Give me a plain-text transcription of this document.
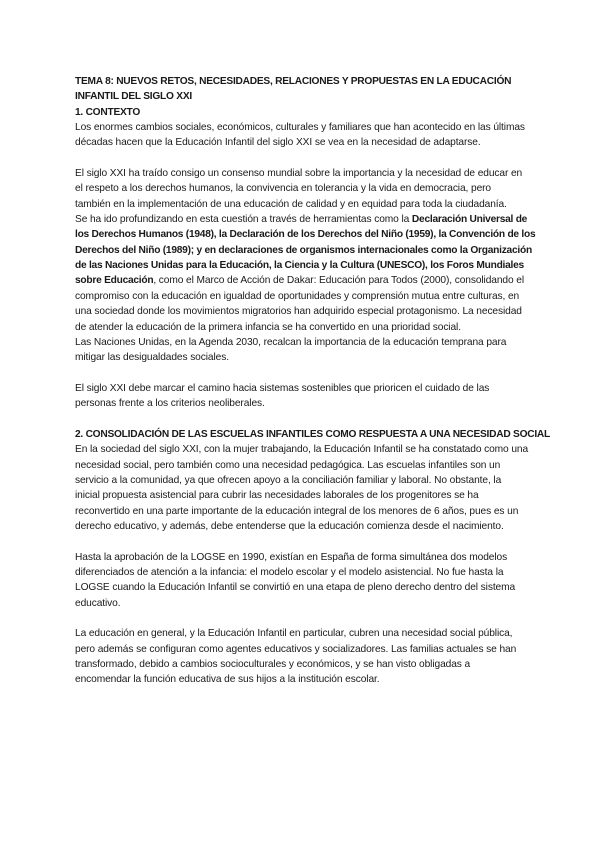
TEMA 8: NUEVOS RETOS, NECESIDADES, RELACIONES Y PROPUESTAS EN LA EDUCACIÓN
INFANTIL DEL SIGLO XXI
1. CONTEXTO
Los enormes cambios sociales, económicos, culturales y familiares que han acontecido en las últimas
décadas hacen que la Educación Infantil del siglo XXI se vea en la necesidad de adaptarse.
El siglo XXI ha traído consigo un consenso mundial sobre la importancia y la necesidad de educar en
el respeto a los derechos humanos, la convivencia en tolerancia y la vida en democracia, pero
también en la implementación de una educación de calidad y en equidad para toda la ciudadanía.
Se ha ido profundizando en esta cuestión a través de herramientas como la Declaración Universal de
los Derechos Humanos (1948), la Declaración de los Derechos del Niño (1959), la Convención de los
Derechos del Niño (1989); y en declaraciones de organismos internacionales como la Organización
de las Naciones Unidas para la Educación, la Ciencia y la Cultura (UNESCO), los Foros Mundiales
sobre Educación, como el Marco de Acción de Dakar: Educación para Todos (2000), consolidando el
compromiso con la educación en igualdad de oportunidades y comprensión mutua entre culturas, en
una sociedad donde los movimientos migratorios han adquirido especial protagonismo. La necesidad
de atender la educación de la primera infancia se ha convertido en una prioridad social.
Las Naciones Unidas, en la Agenda 2030, recalcan la importancia de la educación temprana para
mitigar las desigualdades sociales.
El siglo XXI debe marcar el camino hacia sistemas sostenibles que prioricen el cuidado de las
personas frente a los criterios neoliberales.
2. CONSOLIDACIÓN DE LAS ESCUELAS INFANTILES COMO RESPUESTA A UNA NECESIDAD SOCIAL
En la sociedad del siglo XXI, con la mujer trabajando, la Educación Infantil se ha constatado como una
necesidad social, pero también como una necesidad pedagógica. Las escuelas infantiles son un
servicio a la comunidad, ya que ofrecen apoyo a la conciliación familiar y laboral. No obstante, la
inicial propuesta asistencial para cubrir las necesidades laborales de los progenitores se ha
reconvertido en una parte importante de la educación integral de los menores de 6 años, pues es un
derecho educativo, y además, debe entenderse que la educación comienza desde el nacimiento.
Hasta la aprobación de la LOGSE en 1990, existían en España de forma simultánea dos modelos
diferenciados de atención a la infancia: el modelo escolar y el modelo asistencial. No fue hasta la
LOGSE cuando la Educación Infantil se convirtió en una etapa de pleno derecho dentro del sistema
educativo.
La educación en general, y la Educación Infantil en particular, cubren una necesidad social pública,
pero además se configuran como agentes educativos y socializadores. Las familias actuales se han
transformado, debido a cambios socioculturales y económicos, y se han visto obligadas a
encomendar la función educativa de sus hijos a la institución escolar.
